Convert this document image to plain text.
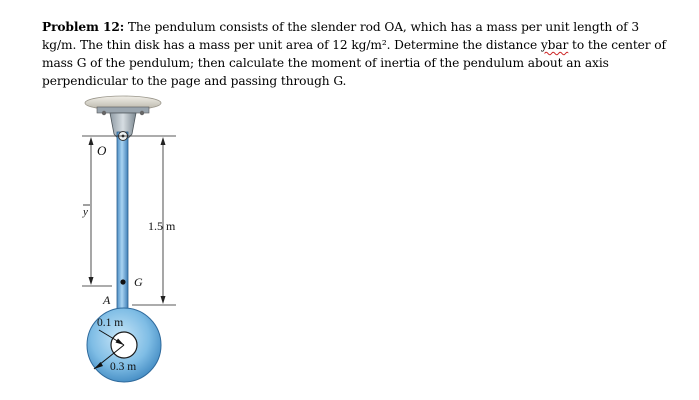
Problem 12: The pendulum consists of the slender rod OA, which has a mass per unit length of 3 kg/m. The thin disk has a mass per unit area of 12 kg/m². Determine the distance ybar to the center of mass G of the pendulum; then calculate the moment of inertia of the pendulum about an axis perpendicular to the page and passing through G.
O
y
G
A
1.5 m
0.1 m
0.3 m
